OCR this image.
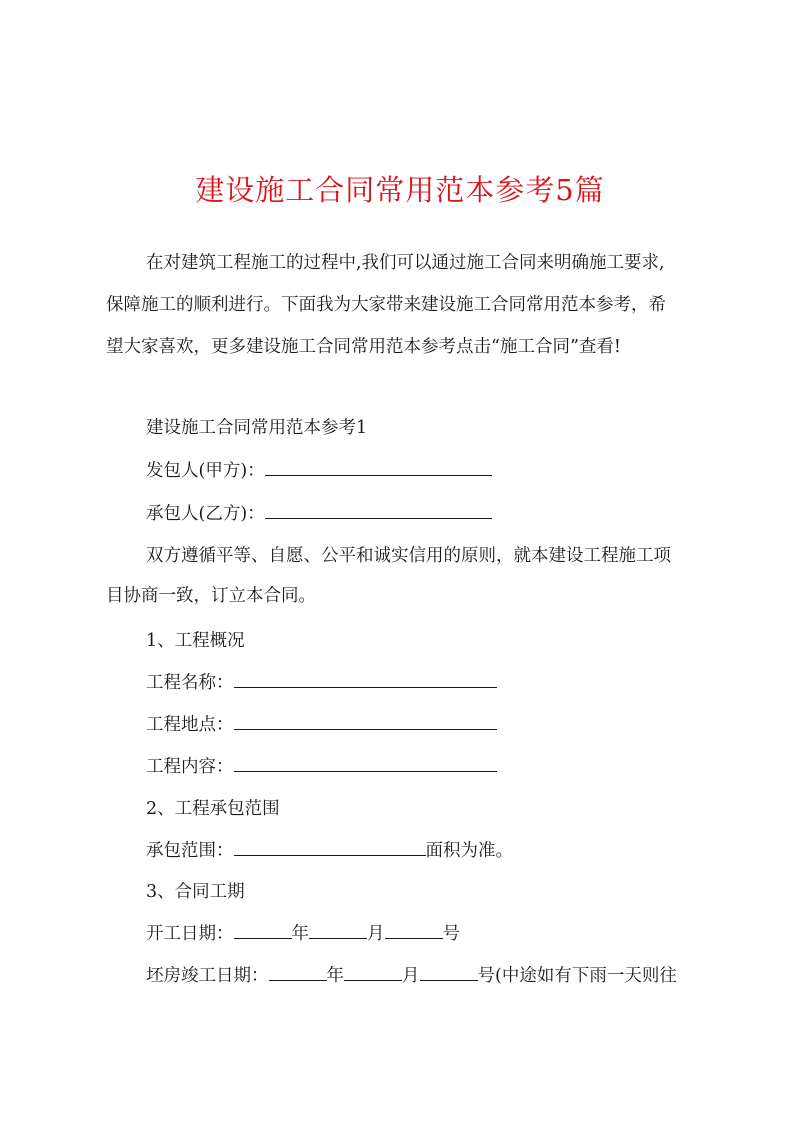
建设施工合同常用范本参考5篇
在对建筑工程施工的过程中,我们可以通过施工合同来明确施工要求,
保障施工的顺利进行。下面我为大家带来建设施工合同常用范本参考，希
望大家喜欢，更多建设施工合同常用范本参考点击“施工合同”查看!

建设施工合同常用范本参考1

发包人(甲方)：

承包人(乙方)：

双方遵循平等、自愿、公平和诚实信用的原则，就本建设工程施工项

目协商一致，订立本合同。

1、工程概况

工程名称：

工程地点：

工程内容：

2、工程承包范围

承包范围：	面积为准。

3、合同工期

开工日期：	年	月	号

坯房竣工日期：	年	月	号(中途如有下雨一天则往
